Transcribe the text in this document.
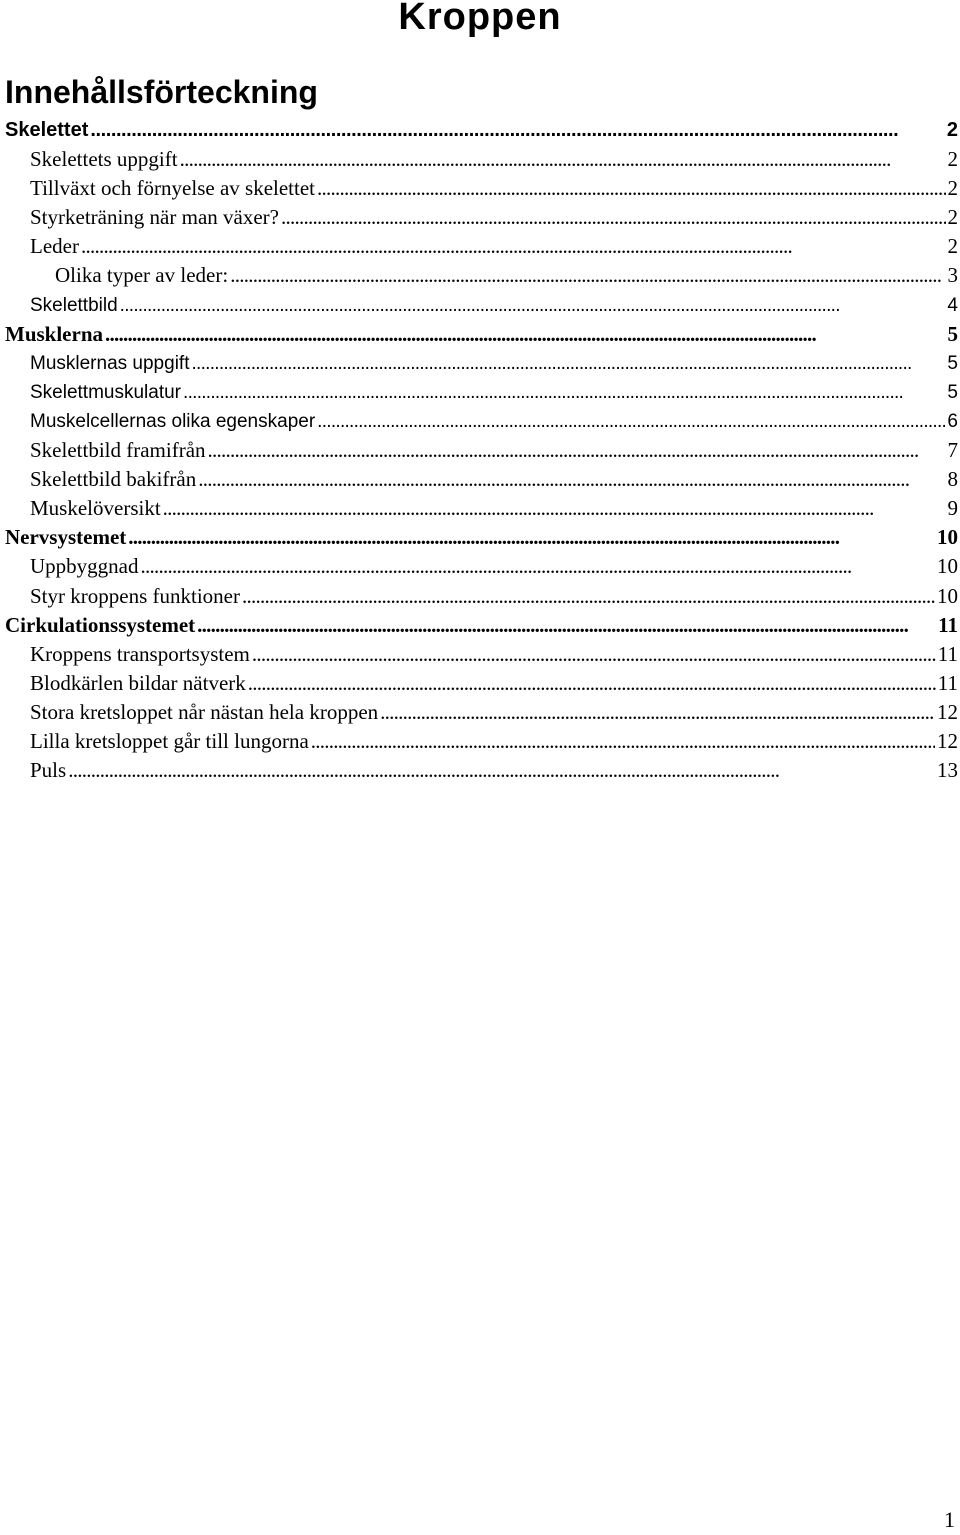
Kroppen
Innehållsförteckning
Skelettet . . .	2
Skelettets uppgift . . .	2
Tillväxt och förnyelse av skelettet . . .	2
Styrketräning när man växer? . . .	2
Leder . . .	2
Olika typer av leder: . . .	3
Skelettbild . . .	4
Musklerna . . .	5
Musklernas uppgift . . .	5
Skelettmuskulatur . . .	5
Muskelcellernas olika egenskaper . . .	6
Skelettbild framifrån . . .	7
Skelettbild bakifrån . . .	8
Muskelöversikt . . .	9
Nervsystemet . . .	10
Uppbyggnad . . .	10
Styr kroppens funktioner . . .	10
Cirkulationssystemet . . .	11
Kroppens transportsystem . . .	11
Blodkärlen bildar nätverk . . .	11
Stora kretsloppet når nästan hela kroppen . . .	12
Lilla kretsloppet går till lungorna . . .	12
Puls . . .	13
1
